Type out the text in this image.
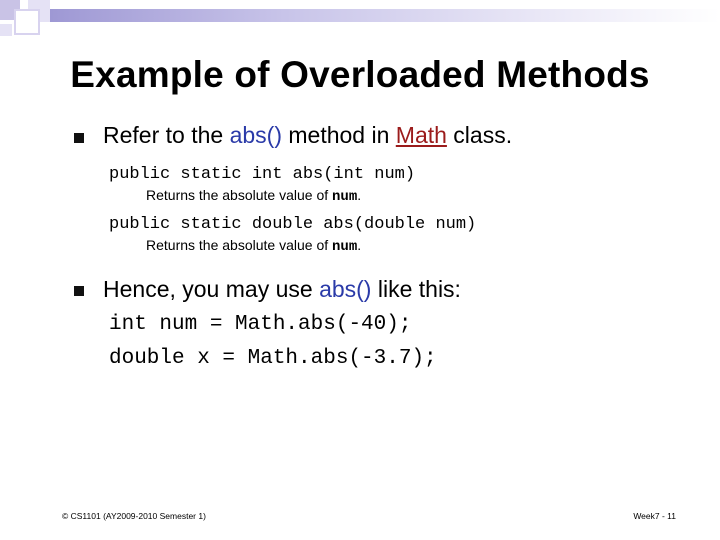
Example of Overloaded Methods
Refer to the abs() method in Math class.
public static int abs(int num)
Returns the absolute value of num.
public static double abs(double num)
Returns the absolute value of num.
Hence, you may use abs() like this:
int num = Math.abs(-40);
double x = Math.abs(-3.7);
© CS1101 (AY2009-2010 Semester 1)	Week7 - 11
